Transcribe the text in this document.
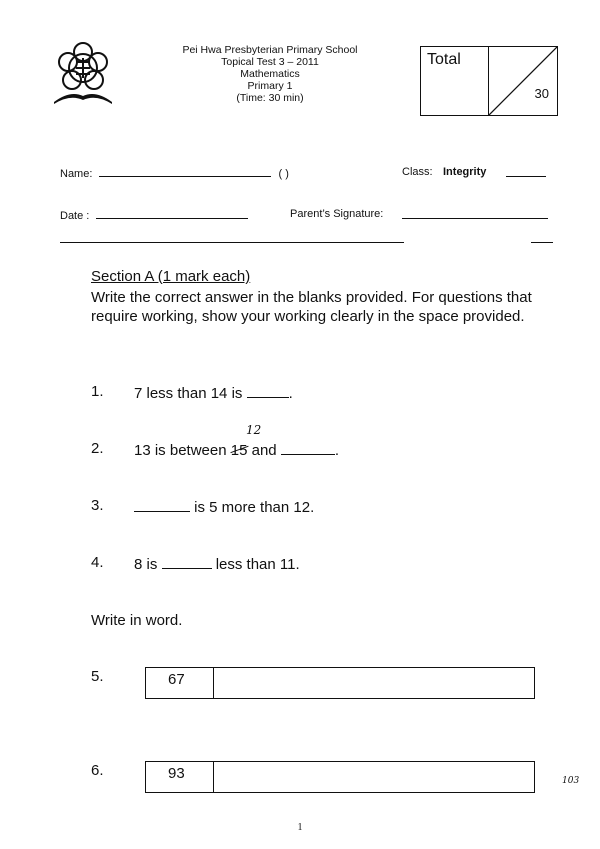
Pei Hwa Presbyterian Primary School
Topical Test 3 – 2011
Mathematics
Primary 1
(Time: 30 min)
Total
30
Name:	( )	Class: Integrity
Date :	Parent’s Signature:
Section A (1 mark each)
Write the correct answer in the blanks provided. For questions that require working, show your working clearly in the space provided.
1. 7 less than 14 is	.
2. 13 is between 15 and	.
12
3.	is 5 more than 12.
4. 8 is	less than 11.
Write in word.
5.	67
6.	93	103
1
